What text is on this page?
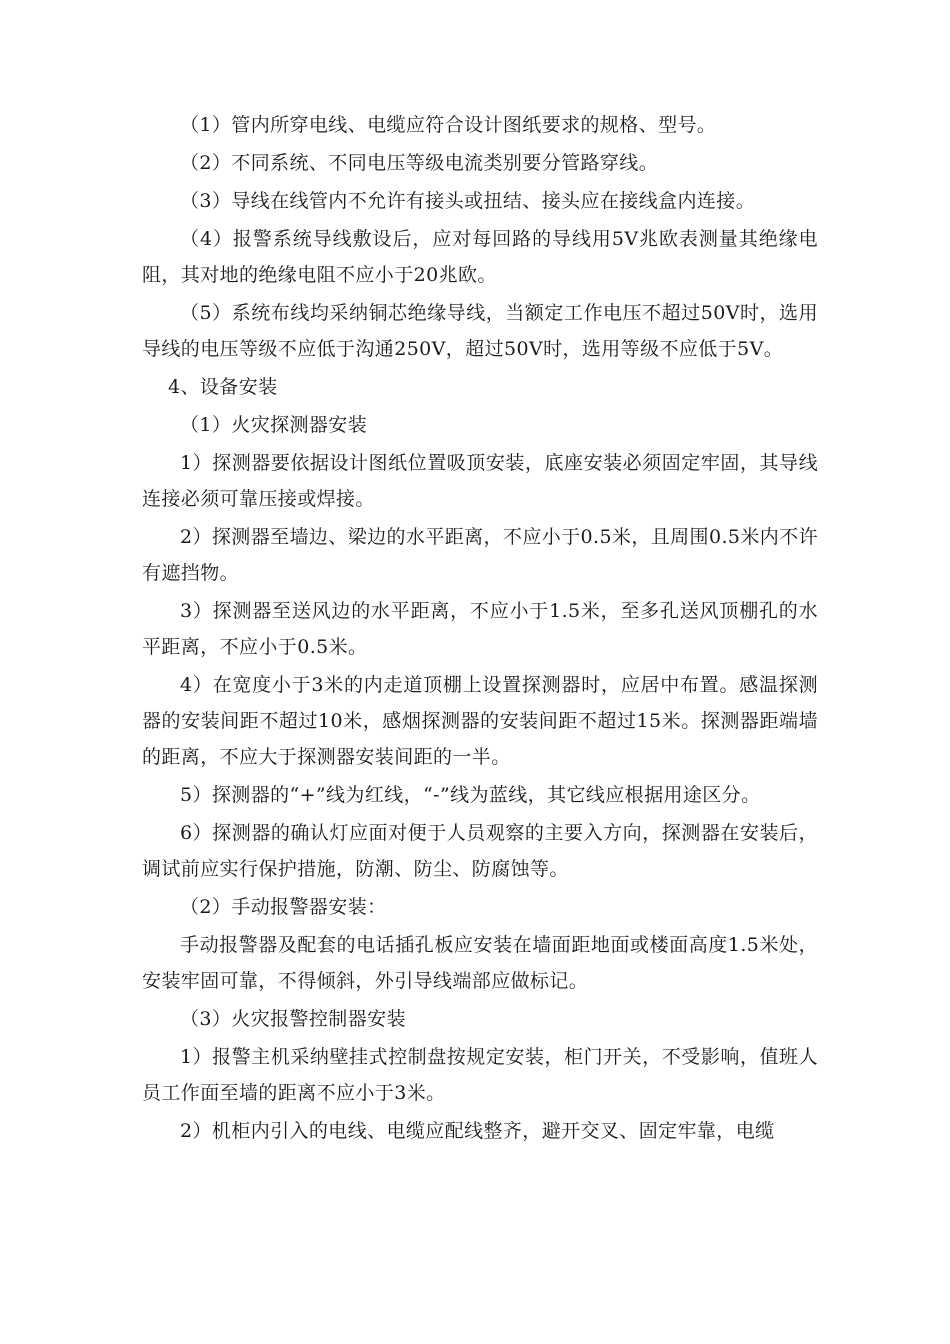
（1）管内所穿电线、电缆应符合设计图纸要求的规格、型号。

（2）不同系统、不同电压等级电流类别要分管路穿线。

（3）导线在线管内不允许有接头或扭结、接头应在接线盒内连接。

（4）报警系统导线敷设后，应对每回路的导线用5V兆欧表测量其绝缘电阻，其对地的绝缘电阻不应小于20兆欧。

（5）系统布线均采纳铜芯绝缘导线，当额定工作电压不超过50V时，选用导线的电压等级不应低于沟通250V，超过50V时，选用等级不应低于5V。

4、设备安装

（1）火灾探测器安装

1）探测器要依据设计图纸位置吸顶安装，底座安装必须固定牢固，其导线连接必须可靠压接或焊接。

2）探测器至墙边、梁边的水平距离，不应小于0.5米，且周围0.5米内不许有遮挡物。

3）探测器至送风边的水平距离，不应小于1.5米，至多孔送风顶棚孔的水平距离，不应小于0.5米。

4）在宽度小于3米的内走道顶棚上设置探测器时，应居中布置。感温探测器的安装间距不超过10米，感烟探测器的安装间距不超过15米。探测器距端墙的距离，不应大于探测器安装间距的一半。

5）探测器的“+”线为红线，“-”线为蓝线，其它线应根据用途区分。

6）探测器的确认灯应面对便于人员观察的主要入方向，探测器在安装后，调试前应实行保护措施，防潮、防尘、防腐蚀等。

（2）手动报警器安装：

手动报警器及配套的电话插孔板应安装在墙面距地面或楼面高度1.5米处，安装牢固可靠，不得倾斜，外引导线端部应做标记。

（3）火灾报警控制器安装

1）报警主机采纳壁挂式控制盘按规定安装，柜门开关，不受影响，值班人员工作面至墙的距离不应小于3米。

2）机柜内引入的电线、电缆应配线整齐，避开交叉、固定牢靠，电缆
